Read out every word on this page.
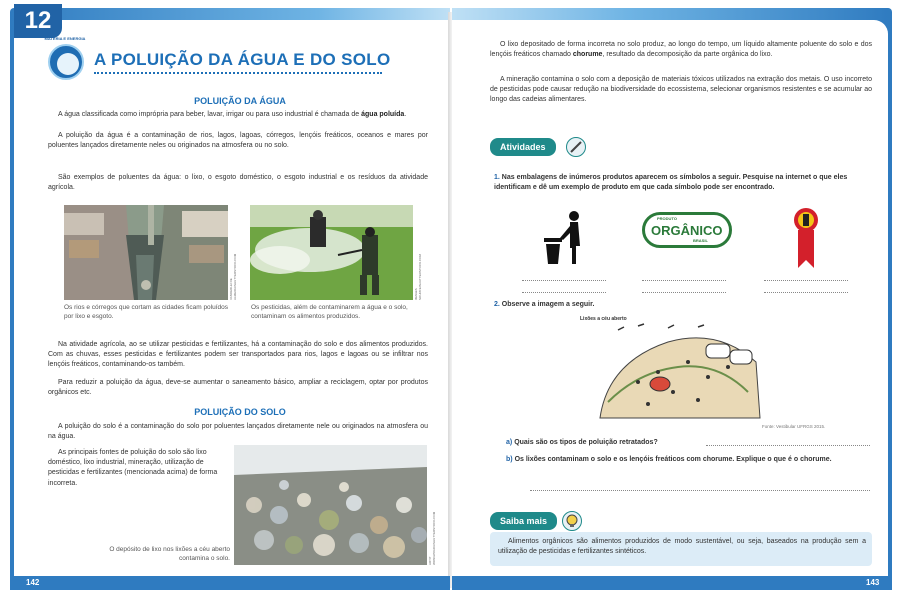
12
MATÉRIA E ENERGIA
A POLUIÇÃO DA ÁGUA E DO SOLO
POLUIÇÃO DA ÁGUA
A água classificada como imprópria para beber, lavar, irrigar ou para uso industrial é chamada de água poluída.
A poluição da água é a contaminação de rios, lagos, lagoas, córregos, lençóis freáticos, oceanos e mares por poluentes lançados diretamente neles ou originados na atmosfera ou no solo.
São exemplos de poluentes da água: o lixo, o esgoto doméstico, o esgoto industrial e os resíduos da atividade agrícola.
VANDERLEI DE ALMEIDA/SHUTTERSTOCK.COM
Os rios e córregos que cortam as cidades ficam poluídos por lixo e esgoto.
IMAGES SOURCE/SHUTTERSTOCK.COM
Os pesticidas, além de contaminarem a água e o solo, contaminam os alimentos produzidos.
Na atividade agrícola, ao se utilizar pesticidas e fertilizantes, há a contaminação do solo e dos alimentos produzidos. Com as chuvas, esses pesticidas e fertilizantes podem ser transportados para rios, lagos e lagoas ou se infiltrar nos lençóis freáticos, contaminando-os também.
Para reduzir a poluição da água, deve-se aumentar o saneamento básico, ampliar a reciclagem, optar por produtos orgânicos etc.
POLUIÇÃO DO SOLO
A poluição do solo é a contaminação do solo por poluentes lançados diretamente nele ou originados na atmosfera ou na água.
As principais fontes de poluição do solo são lixo doméstico, lixo industrial, mineração, utilização de pesticidas e fertilizantes (mencionada acima) de forma incorreta.
ARTIT WONGPRADU/SHUTTERSTOCK.COM
O depósito de lixo nos lixões a céu aberto contamina o solo.
142
O lixo depositado de forma incorreta no solo produz, ao longo do tempo, um líquido altamente poluente do solo e dos lençóis freáticos chamado chorume, resultado da decomposição da parte orgânica do lixo.
A mineração contamina o solo com a deposição de materiais tóxicos utilizados na extração dos metais. O uso incorreto de pesticidas pode causar redução na biodiversidade do ecossistema, selecionar organismos resistentes e se acumular ao longo das cadeias alimentares.
Atividades
1. Nas embalagens de inúmeros produtos aparecem os símbolos a seguir. Pesquise na internet o que eles identificam e dê um exemplo de produto em que cada símbolo pode ser encontrado.
PRODUTO
ORGÂNICO
BRASIL
2. Observe a imagem a seguir.
Lixões a céu aberto
Fonte: Vestibular UFRGS 2015.
a) Quais são os tipos de poluição retratados?
b) Os lixões contaminam o solo e os lençóis freáticos com chorume. Explique o que é o chorume.
Saiba mais
Alimentos orgânicos são alimentos produzidos de modo sustentável, ou seja, baseados na produção sem a utilização de pesticidas e fertilizantes sintéticos.
143
